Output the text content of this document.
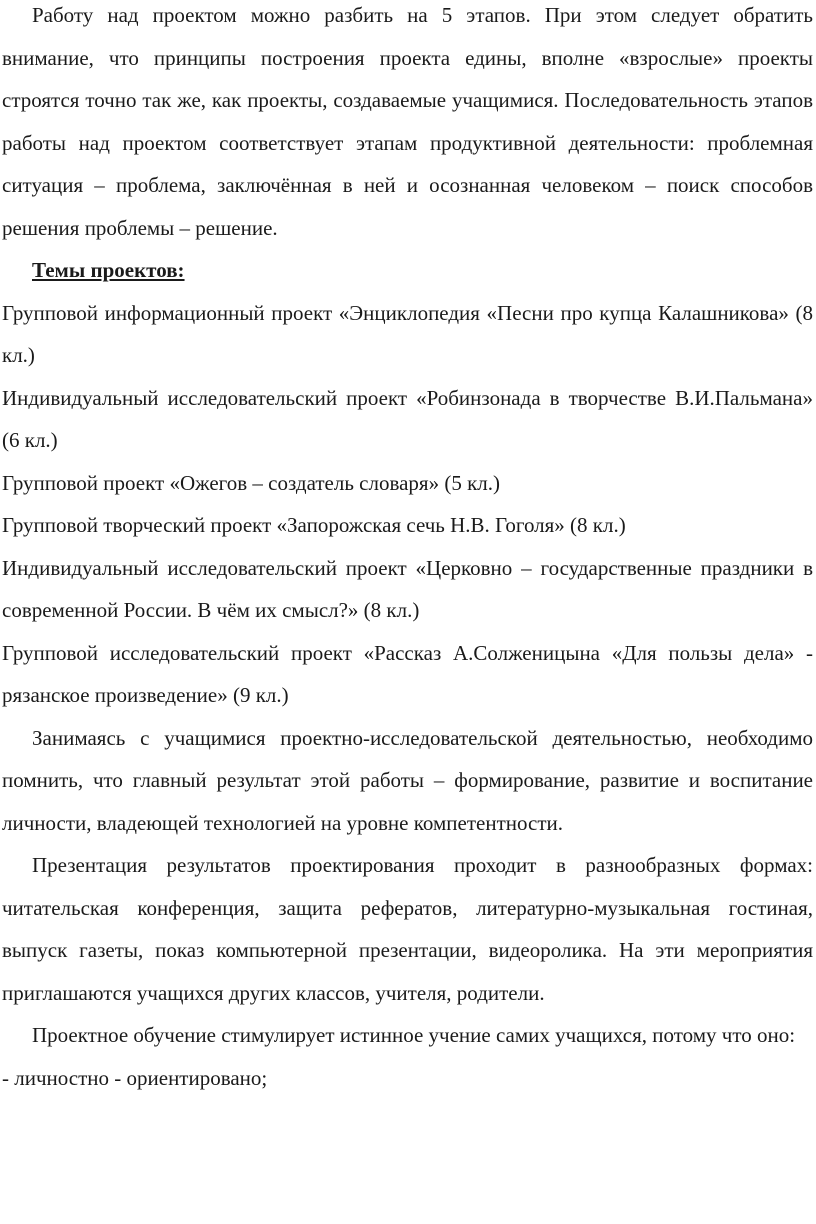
Работу над проектом можно разбить на 5 этапов. При этом следует обратить внимание, что принципы построения проекта едины, вполне «взрослые» проекты строятся точно так же, как проекты, создаваемые учащимися. Последовательность этапов работы над проектом соответствует этапам продуктивной деятельности: проблемная ситуация – проблема, заключённая в ней и осознанная человеком – поиск способов решения проблемы – решение.

Темы проектов:

Групповой информационный проект «Энциклопедия «Песни про купца Калашникова» (8 кл.)

Индивидуальный исследовательский проект «Робинзонада в творчестве В.И.Пальмана» (6 кл.)

Групповой проект «Ожегов – создатель словаря» (5 кл.)

Групповой творческий проект «Запорожская сечь Н.В. Гоголя» (8 кл.)

Индивидуальный исследовательский проект «Церковно – государственные праздники в современной России. В чём их смысл?» (8 кл.)

Групповой исследовательский проект «Рассказ А.Солженицына «Для пользы дела» - рязанское произведение» (9 кл.)

Занимаясь с учащимися проектно-исследовательской деятельностью, необходимо помнить, что главный результат этой работы – формирование, развитие и воспитание личности, владеющей технологией на уровне компетентности.

Презентация результатов проектирования проходит в разнообразных формах: читательская конференция, защита рефератов, литературно-музыкальная гостиная, выпуск газеты, показ компьютерной презентации, видеоролика. На эти мероприятия приглашаются учащихся других классов, учителя, родители.

Проектное обучение стимулирует истинное учение самих учащихся, потому что оно:

- личностно - ориентировано;
